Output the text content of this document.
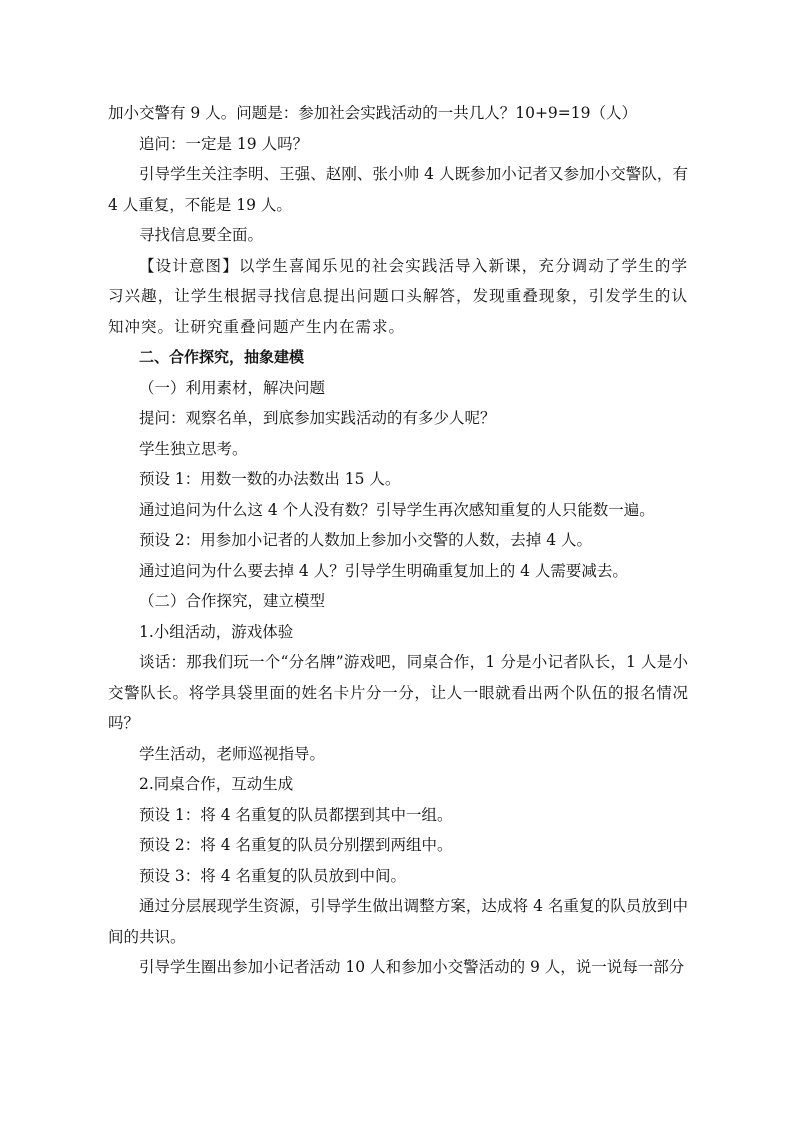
加小交警有 9 人。问题是：参加社会实践活动的一共几人？10+9=19（人）

追问：一定是 19 人吗？

引导学生关注李明、王强、赵刚、张小帅 4 人既参加小记者又参加小交警队，有 4 人重复，不能是 19 人。

寻找信息要全面。

【设计意图】以学生喜闻乐见的社会实践活导入新课，充分调动了学生的学习兴趣，让学生根据寻找信息提出问题口头解答，发现重叠现象，引发学生的认知冲突。让研究重叠问题产生内在需求。

二、合作探究，抽象建模

（一）利用素材，解决问题

提问：观察名单，到底参加实践活动的有多少人呢？

学生独立思考。

预设 1：用数一数的办法数出 15 人。

通过追问为什么这 4 个人没有数？引导学生再次感知重复的人只能数一遍。

预设 2：用参加小记者的人数加上参加小交警的人数，去掉 4 人。

通过追问为什么要去掉 4 人？引导学生明确重复加上的 4 人需要减去。

（二）合作探究，建立模型

1.小组活动，游戏体验

谈话：那我们玩一个“分名牌”游戏吧，同桌合作，1 分是小记者队长，1 人是小交警队长。将学具袋里面的姓名卡片分一分，让人一眼就看出两个队伍的报名情况吗？

学生活动，老师巡视指导。

2.同桌合作，互动生成

预设 1：将 4 名重复的队员都摆到其中一组。

预设 2：将 4 名重复的队员分别摆到两组中。

预设 3：将 4 名重复的队员放到中间。

通过分层展现学生资源，引导学生做出调整方案，达成将 4 名重复的队员放到中间的共识。

引导学生圈出参加小记者活动 10 人和参加小交警活动的 9 人，说一说每一部分
